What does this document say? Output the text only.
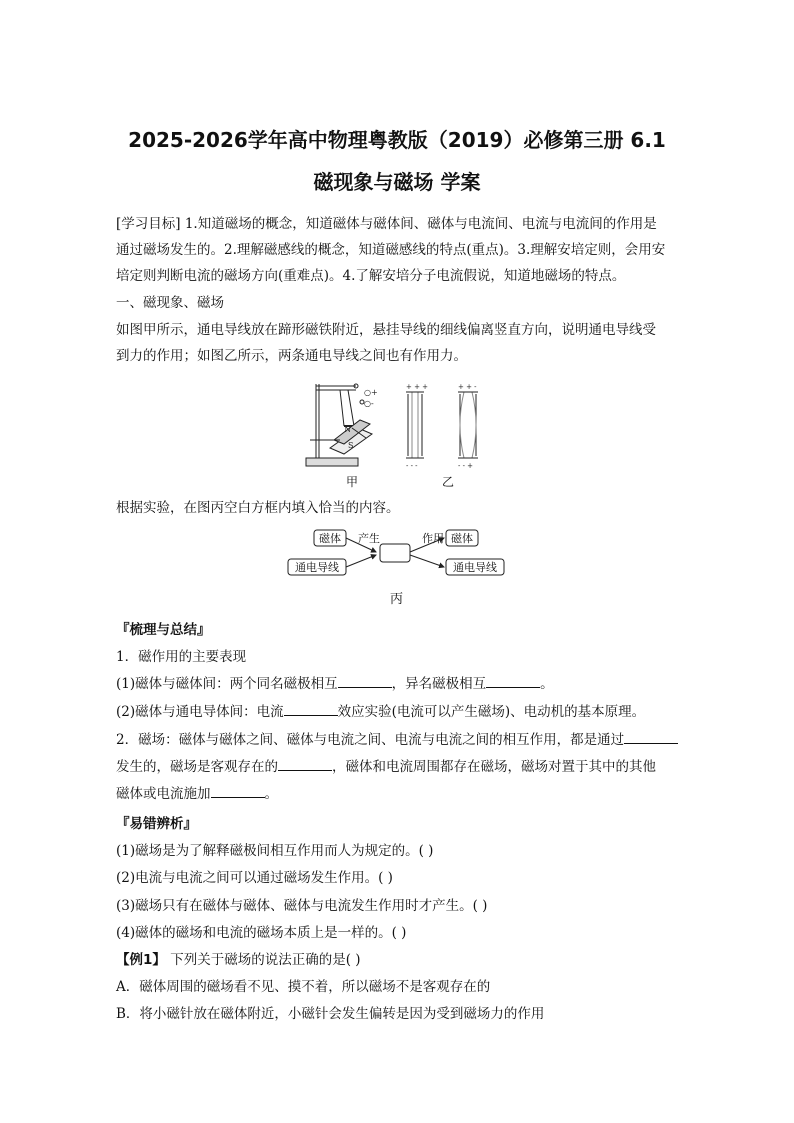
2025-2026学年高中物理粤教版（2019）必修第三册 6.1
磁现象与磁场 学案
[学习目标] 1.知道磁场的概念，知道磁体与磁体间、磁体与电流间、电流与电流间的作用是
通过磁场发生的。2.理解磁感线的概念，知道磁感线的特点(重点)。3.理解安培定则，会用安
培定则判断电流的磁场方向(重难点)。4.了解安培分子电流假说，知道地磁场的特点。
一、磁现象、磁场
如图甲所示，通电导线放在蹄形磁铁附近，悬挂导线的细线偏离竖直方向，说明通电导线受
到力的作用；如图乙所示，两条通电导线之间也有作用力。
○+
○-
N
S
+ + +
- - -
+ + -
- - +
甲	乙
根据实验，在图丙空白方框内填入恰当的内容。
磁体
通电导线
磁体
通电导线
产生	作用
丙
『梳理与总结』
1．磁作用的主要表现
(1)磁体与磁体间：两个同名磁极相互	，异名磁极相互	。
(2)磁体与通电导体间：电流	效应实验(电流可以产生磁场)、电动机的基本原理。
2．磁场：磁体与磁体之间、磁体与电流之间、电流与电流之间的相互作用，都是通过
发生的，磁场是客观存在的	，磁体和电流周围都存在磁场，磁场对置于其中的其他
磁体或电流施加	。
『易错辨析』
(1)磁场是为了解释磁极间相互作用而人为规定的。( )
(2)电流与电流之间可以通过磁场发生作用。( )
(3)磁场只有在磁体与磁体、磁体与电流发生作用时才产生。( )
(4)磁体的磁场和电流的磁场本质上是一样的。( )
【例1】 下列关于磁场的说法正确的是( )
A．磁体周围的磁场看不见、摸不着，所以磁场不是客观存在的
B．将小磁针放在磁体附近，小磁针会发生偏转是因为受到磁场力的作用
